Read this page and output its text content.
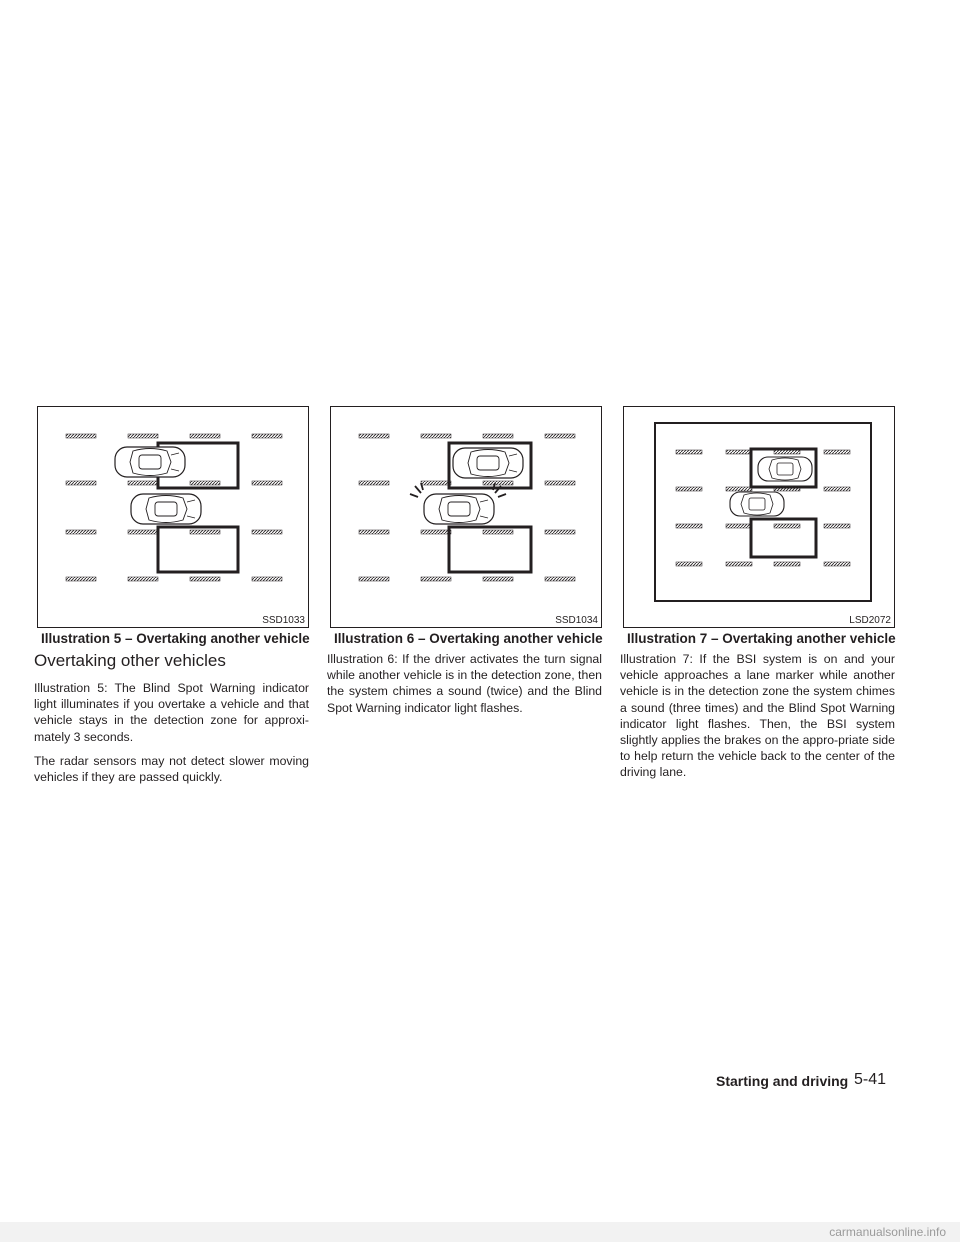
SSD1033	SSD1034	LSD2072
Illustration 5 – Overtaking another vehicle Illustration 6 – Overtaking another vehicle Illustration 7 – Overtaking another vehicle
Overtaking other vehicles

Illustration 5: The Blind Spot Warning indicator light illuminates if you overtake a vehicle and that vehicle stays in the detection zone for approxi-mately 3 seconds.

The radar sensors may not detect slower moving vehicles if they are passed quickly.

Illustration 6: If the driver activates the turn signal while another vehicle is in the detection zone, then the system chimes a sound (twice) and the Blind Spot Warning indicator light flashes.

Illustration 7: If the BSI system is on and your vehicle approaches a lane marker while another vehicle is in the detection zone the system chimes a sound (three times) and the Blind Spot Warning indicator light flashes. Then, the BSI system slightly applies the brakes on the appro-priate side to help return the vehicle back to the center of the driving lane.

Starting and driving 5-41
carmanualsonline.info
